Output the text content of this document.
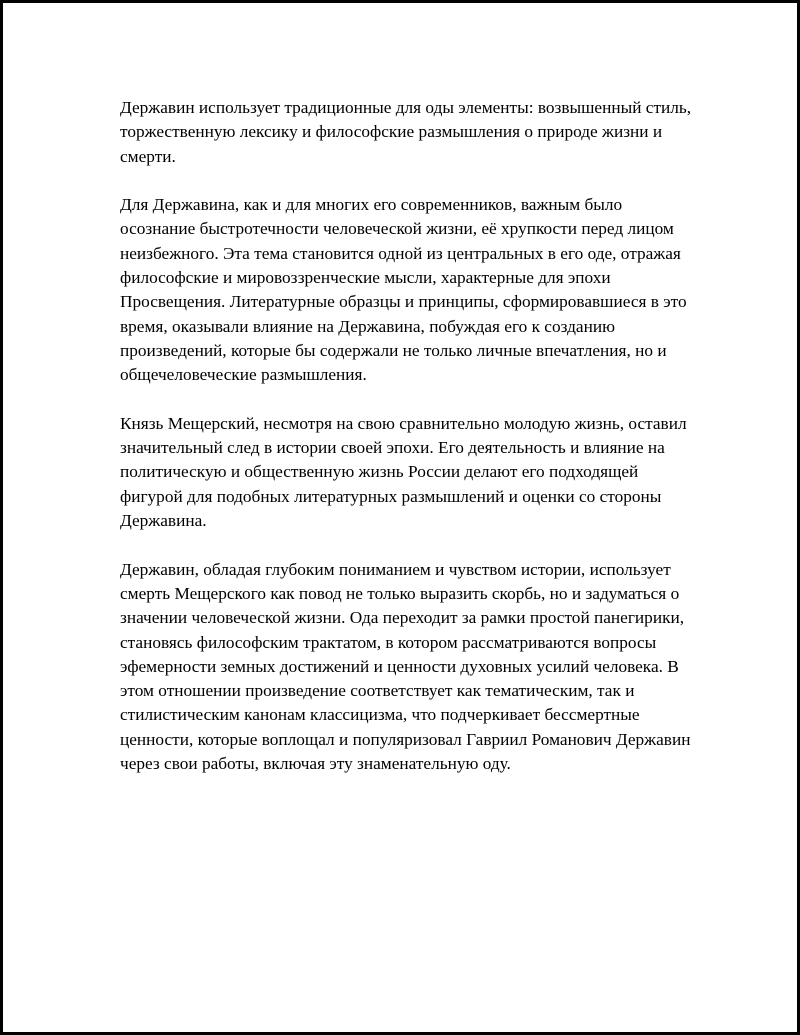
Державин использует традиционные для оды элементы: возвышенный стиль, торжественную лексику и философские размышления о природе жизни и смерти.

Для Державина, как и для многих его современников, важным было осознание быстротечности человеческой жизни, её хрупкости перед лицом неизбежного. Эта тема становится одной из центральных в его оде, отражая философские и мировоззренческие мысли, характерные для эпохи Просвещения. Литературные образцы и принципы, сформировавшиеся в это время, оказывали влияние на Державина, побуждая его к созданию произведений, которые бы содержали не только личные впечатления, но и общечеловеческие размышления.

Князь Мещерский, несмотря на свою сравнительно молодую жизнь, оставил значительный след в истории своей эпохи. Его деятельность и влияние на политическую и общественную жизнь России делают его подходящей фигурой для подобных литературных размышлений и оценки со стороны Державина.

Державин, обладая глубоким пониманием и чувством истории, использует смерть Мещерского как повод не только выразить скорбь, но и задуматься о значении человеческой жизни. Ода переходит за рамки простой панегирики, становясь философским трактатом, в котором рассматриваются вопросы эфемерности земных достижений и ценности духовных усилий человека. В этом отношении произведение соответствует как тематическим, так и стилистическим канонам классицизма, что подчеркивает бессмертные ценности, которые воплощал и популяризовал Гавриил Романович Державин через свои работы, включая эту знаменательную оду.
